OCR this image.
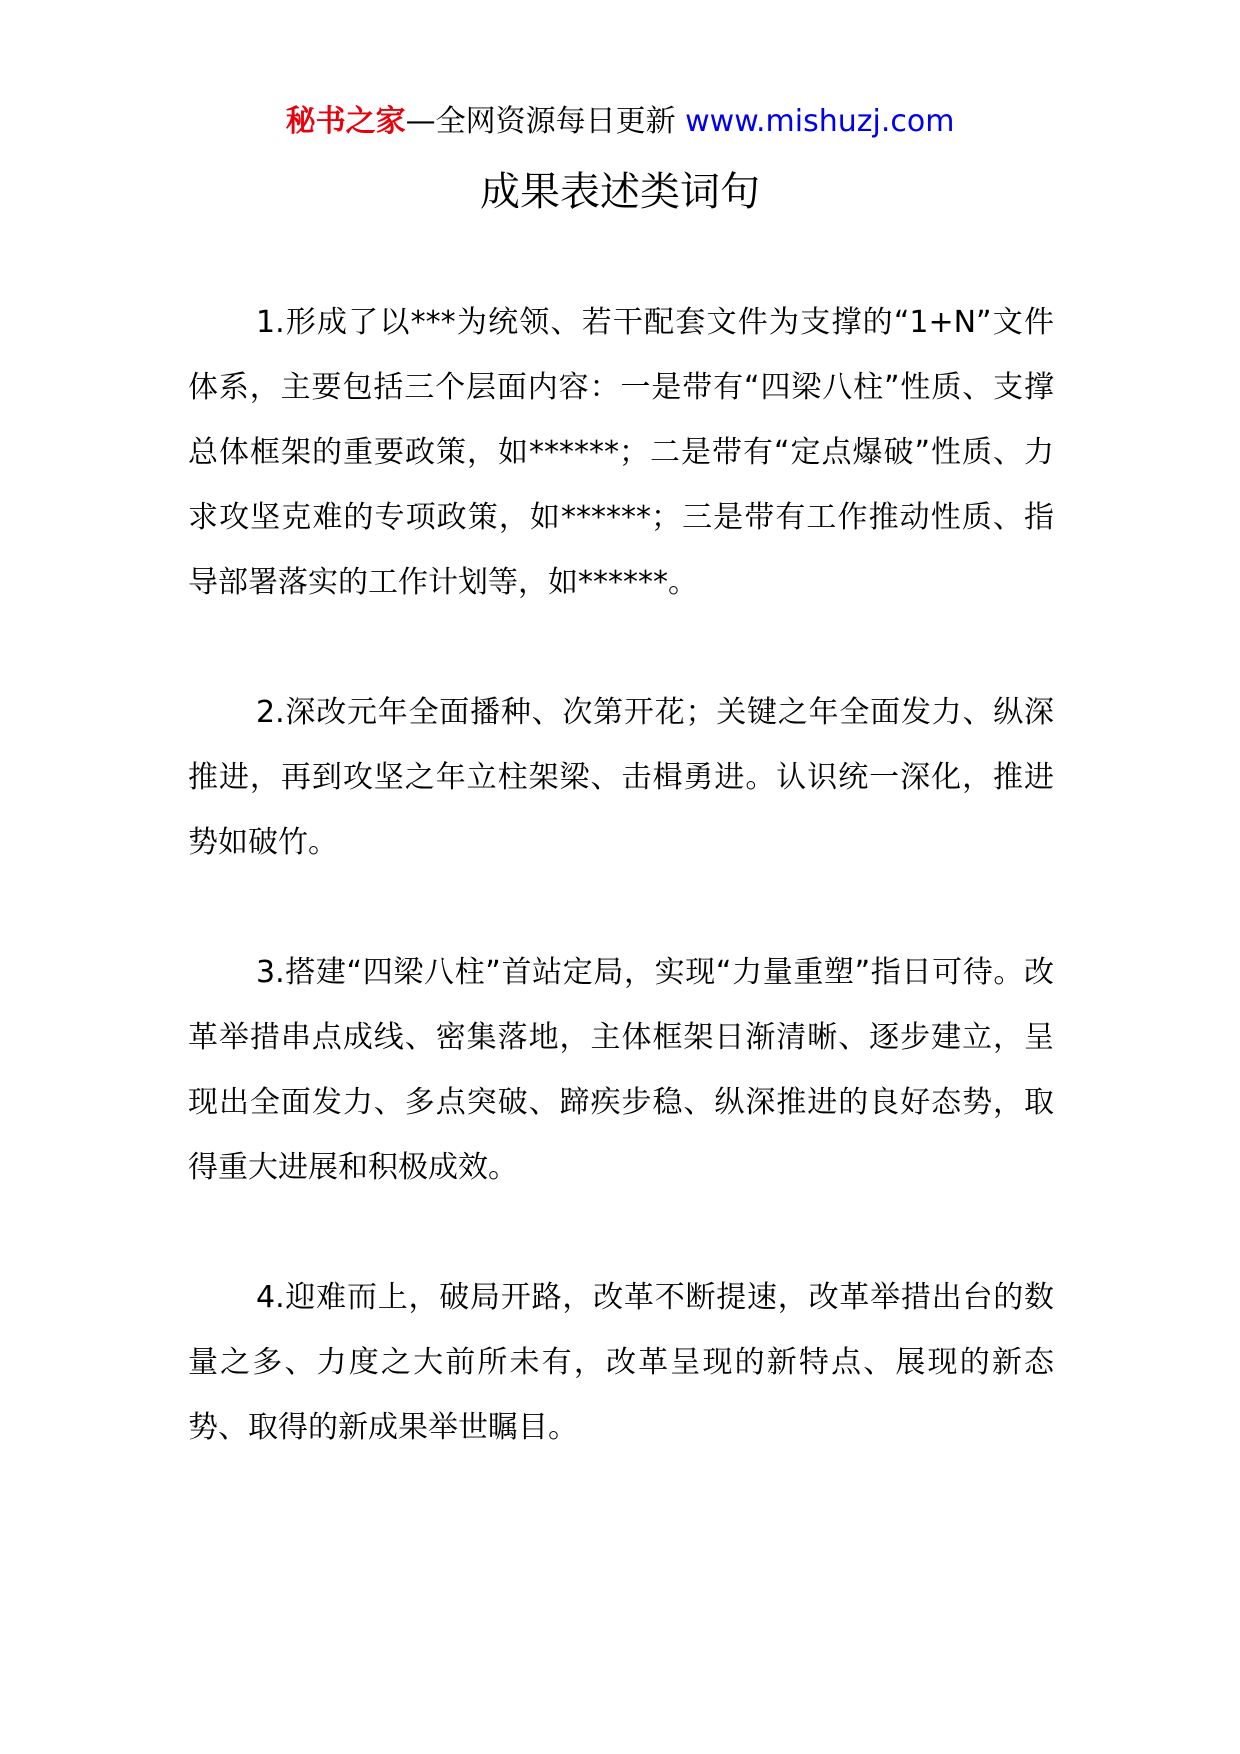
秘书之家—全网资源每日更新 www.mishuzj.com
成果表述类词句

1.形成了以***为统领、若干配套文件为支撑的“1+N”文件体系，主要包括三个层面内容：一是带有“四梁八柱”性质、支撑总体框架的重要政策，如******；二是带有“定点爆破”性质、力求攻坚克难的专项政策，如******；三是带有工作推动性质、指导部署落实的工作计划等，如******。

2.深改元年全面播种、次第开花；关键之年全面发力、纵深推进，再到攻坚之年立柱架梁、击楫勇进。认识统一深化，推进势如破竹。

3.搭建“四梁八柱”首站定局，实现“力量重塑”指日可待。改革举措串点成线、密集落地，主体框架日渐清晰、逐步建立，呈现出全面发力、多点突破、蹄疾步稳、纵深推进的良好态势，取得重大进展和积极成效。

4.迎难而上，破局开路，改革不断提速，改革举措出台的数量之多、力度之大前所未有，改革呈现的新特点、展现的新态势、取得的新成果举世瞩目。
